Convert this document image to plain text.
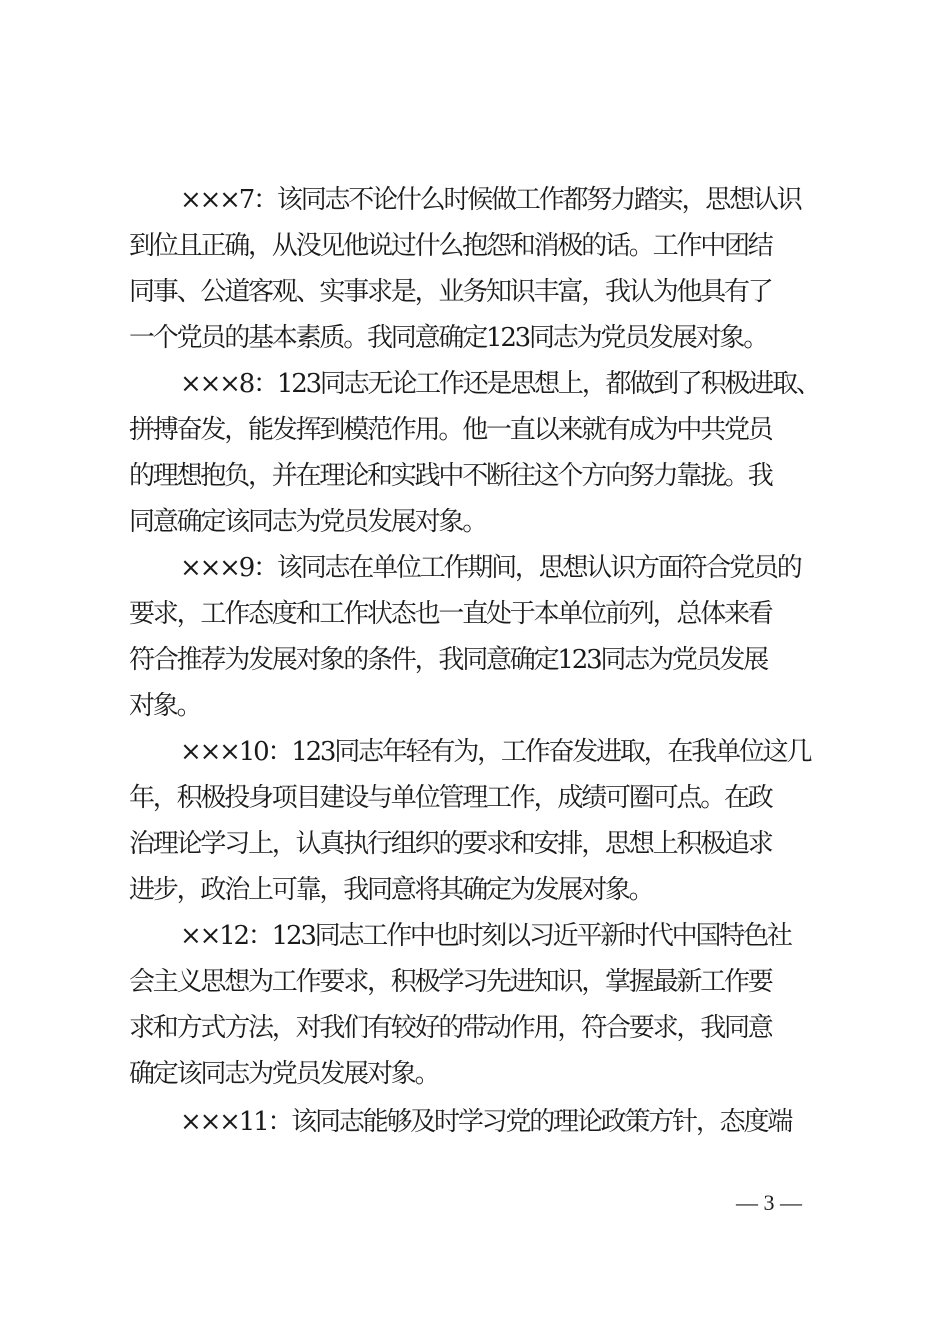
×××7：该同志不论什么时候做工作都努力踏实，思想认识
到位且正确，从没见他说过什么抱怨和消极的话。工作中团结
同事、公道客观、实事求是，业务知识丰富，我认为他具有了
一个党员的基本素质。我同意确定123同志为党员发展对象。
×××8：123同志无论工作还是思想上，都做到了积极进取、
拼搏奋发，能发挥到模范作用。他一直以来就有成为中共党员
的理想抱负，并在理论和实践中不断往这个方向努力靠拢。我
同意确定该同志为党员发展对象。
×××9：该同志在单位工作期间，思想认识方面符合党员的
要求，工作态度和工作状态也一直处于本单位前列，总体来看
符合推荐为发展对象的条件，我同意确定123同志为党员发展
对象。
×××10：123同志年轻有为，工作奋发进取，在我单位这几
年，积极投身项目建设与单位管理工作，成绩可圈可点。在政
治理论学习上，认真执行组织的要求和安排，思想上积极追求
进步，政治上可靠，我同意将其确定为发展对象。
××12：123同志工作中也时刻以习近平新时代中国特色社
会主义思想为工作要求，积极学习先进知识，掌握最新工作要
求和方式方法，对我们有较好的带动作用，符合要求，我同意
确定该同志为党员发展对象。
×××11：该同志能够及时学习党的理论政策方针，态度端
— 3 —
